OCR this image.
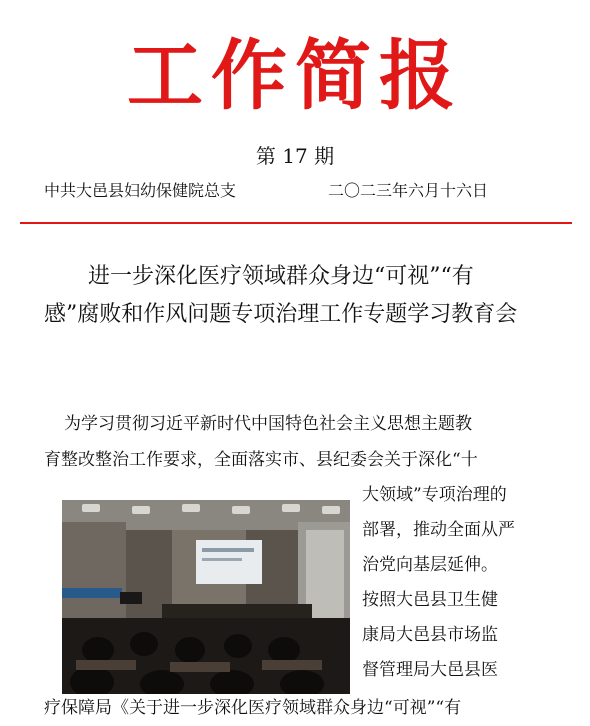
工作简报
第 17 期
中共大邑县妇幼保健院总支	二〇二三年六月十六日
进一步深化医疗领域群众身边“可视”“有感”腐败和作风问题专项治理工作专题学习教育会
为学习贯彻习近平新时代中国特色社会主义思想主题教
育整改整治工作要求，全面落实市、县纪委会关于深化“十
大领域”专项治理的
部署，推动全面从严
治党向基层延伸。
按照大邑县卫生健
康局大邑县市场监
督管理局大邑县医
疗保障局《关于进一步深化医疗领域群众身边“可视”“有
